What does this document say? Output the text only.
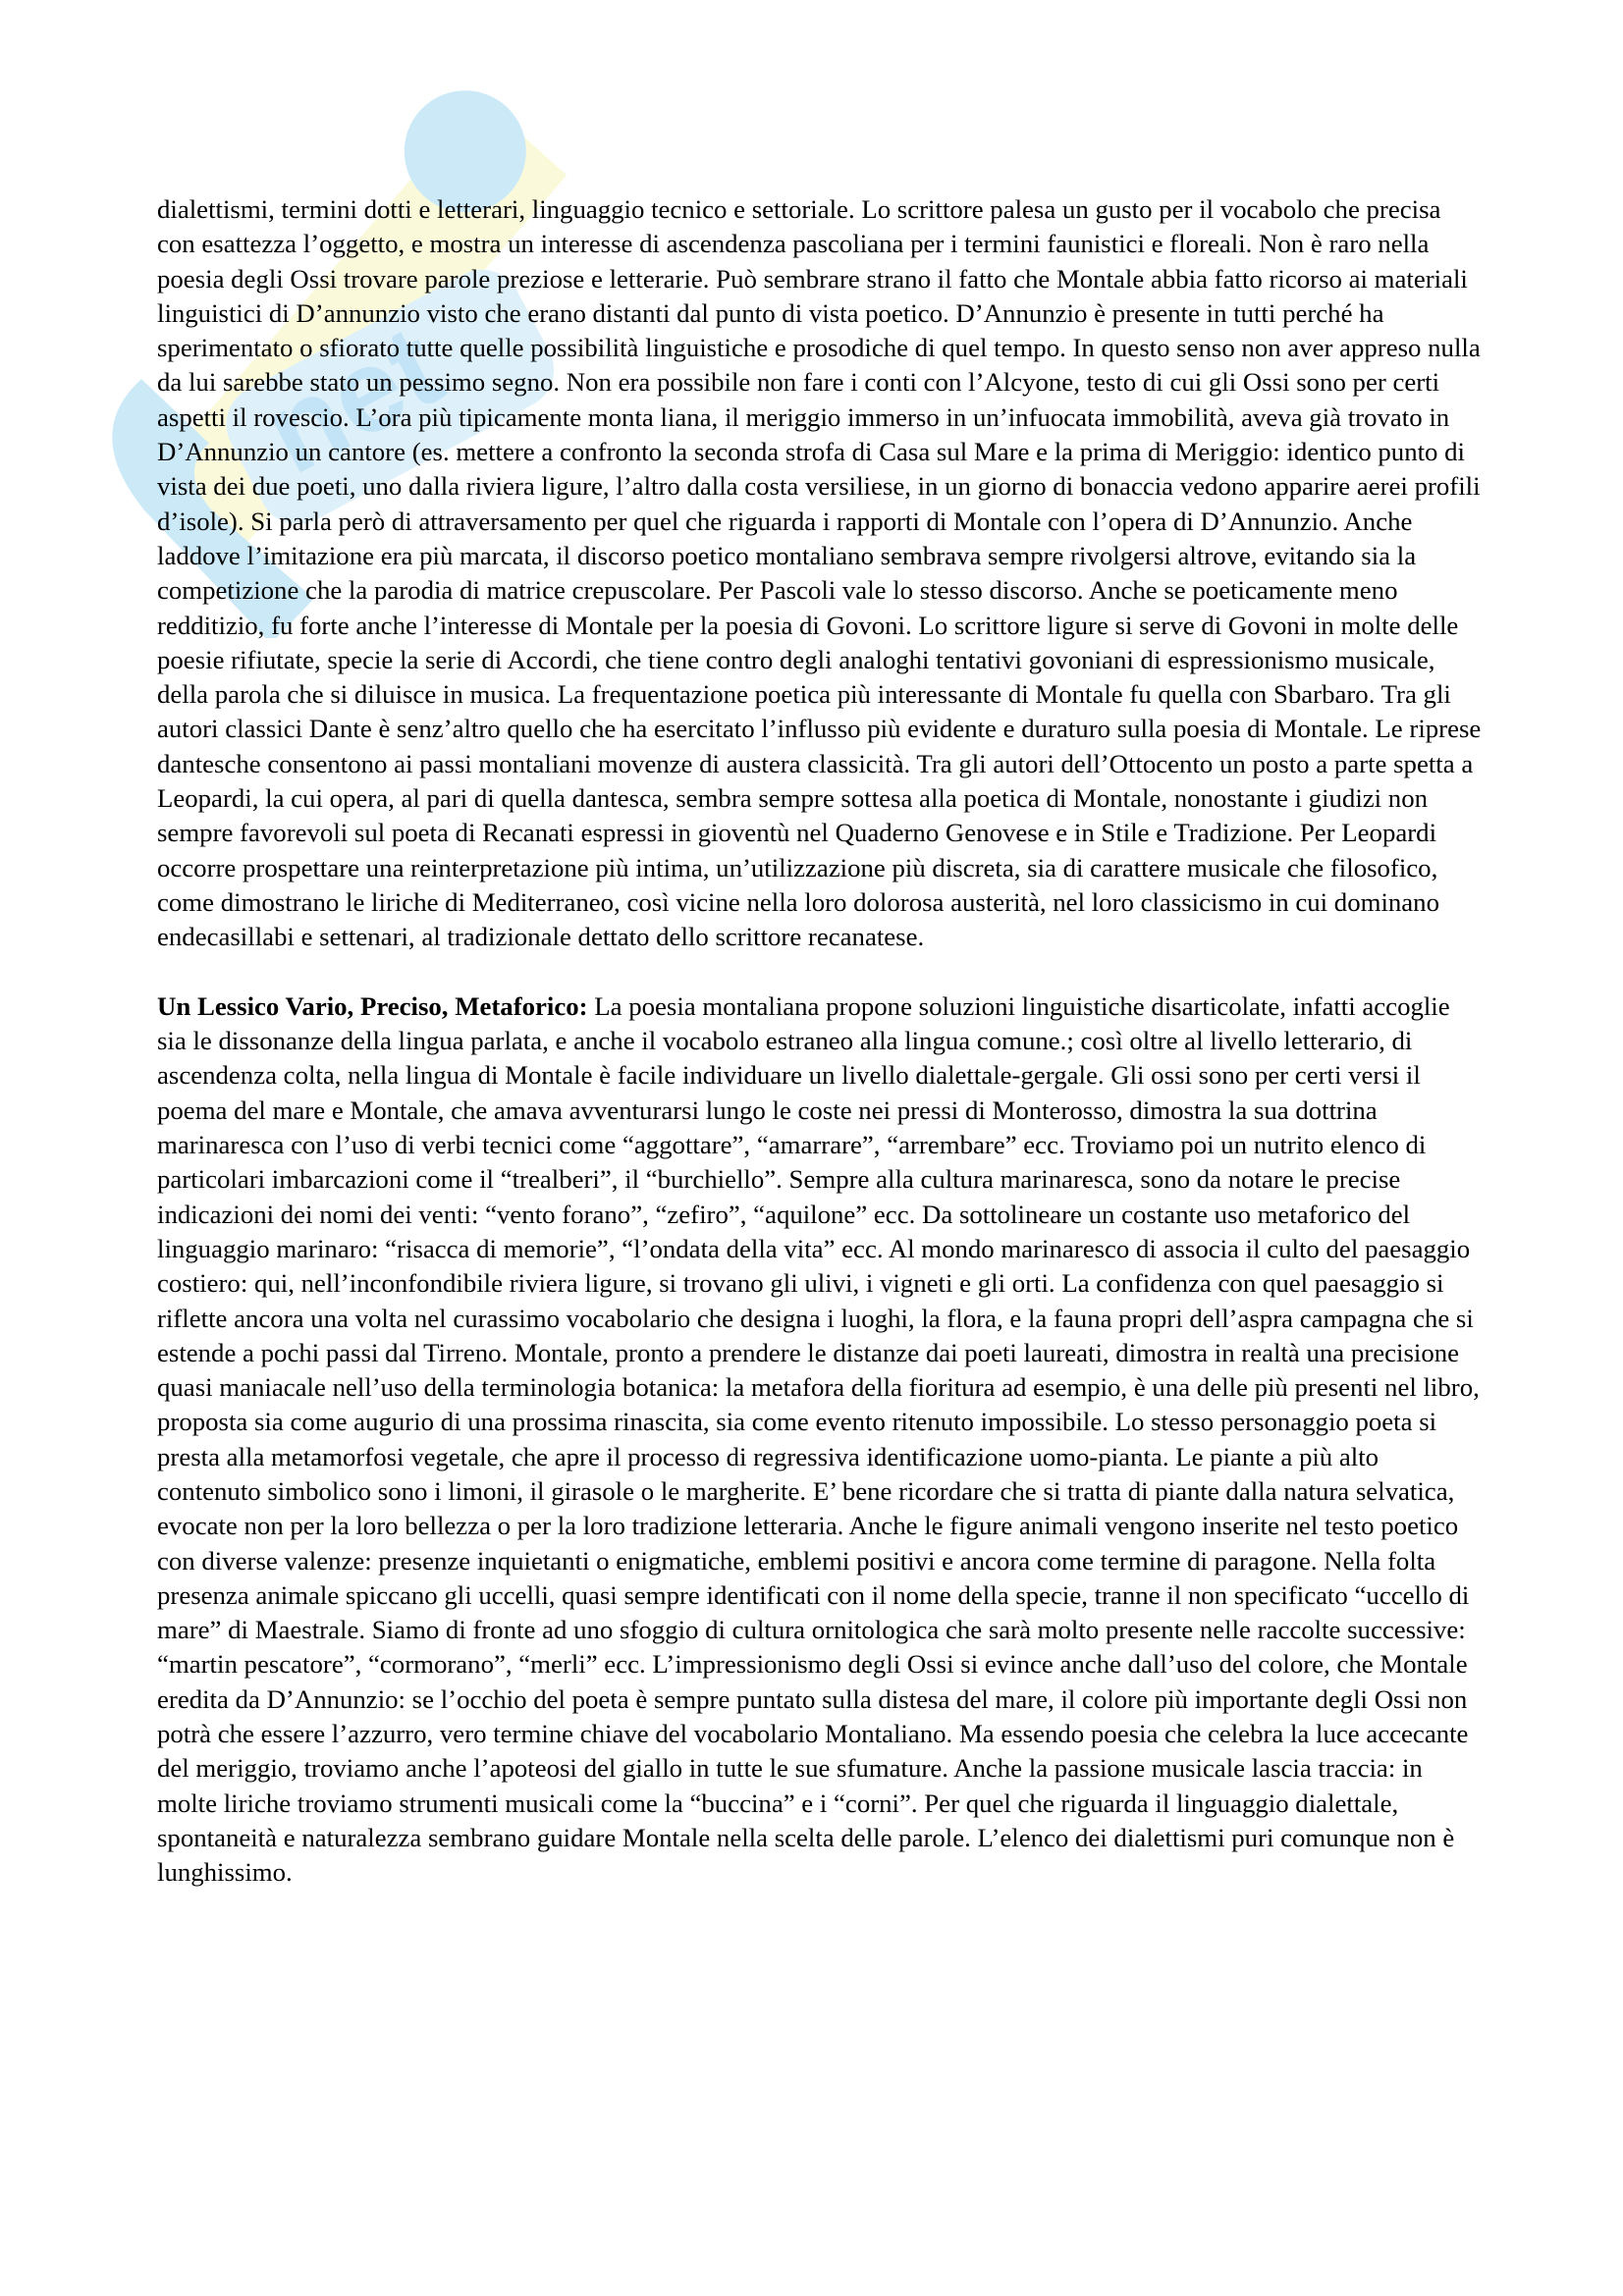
net

dialettismi, termini dotti e letterari, linguaggio tecnico e settoriale. Lo scrittore palesa un gusto per il vocabolo che precisa con esattezza l’oggetto, e mostra un interesse di ascendenza pascoliana per i termini faunistici e floreali. Non è raro nella poesia degli Ossi trovare parole preziose e letterarie. Può sembrare strano il fatto che Montale abbia fatto ricorso ai materiali linguistici di D’annunzio visto che erano distanti dal punto di vista poetico. D’Annunzio è presente in tutti perché ha sperimentato o sfiorato tutte quelle possibilità linguistiche e prosodiche di quel tempo. In questo senso non aver appreso nulla da lui sarebbe stato un pessimo segno. Non era possibile non fare i conti con l’Alcyone, testo di cui gli Ossi sono per certi aspetti il rovescio. L’ora più tipicamente monta liana, il meriggio immerso in un’infuocata immobilità, aveva già trovato in D’Annunzio un cantore (es. mettere a confronto la seconda strofa di Casa sul Mare e la prima di Meriggio: identico punto di vista dei due poeti, uno dalla riviera ligure, l’altro dalla costa versiliese, in un giorno di bonaccia vedono apparire aerei profili d’isole). Si parla però di attraversamento per quel che riguarda i rapporti di Montale con l’opera di D’Annunzio. Anche laddove l’imitazione era più marcata, il discorso poetico montaliano sembrava sempre rivolgersi altrove, evitando sia la competizione che la parodia di matrice crepuscolare. Per Pascoli vale lo stesso discorso. Anche se poeticamente meno redditizio, fu forte anche l’interesse di Montale per la poesia di Govoni. Lo scrittore ligure si serve di Govoni in molte delle poesie rifiutate, specie la serie di Accordi, che tiene contro degli analoghi tentativi govoniani di espressionismo musicale, della parola che si diluisce in musica. La frequentazione poetica più interessante di Montale fu quella con Sbarbaro. Tra gli autori classici Dante è senz’altro quello che ha esercitato l’influsso più evidente e duraturo sulla poesia di Montale. Le riprese dantesche consentono ai passi montaliani movenze di austera classicità. Tra gli autori dell’Ottocento un posto a parte spetta a Leopardi, la cui opera, al pari di quella dantesca, sembra sempre sottesa alla poetica di Montale, nonostante i giudizi non sempre favorevoli sul poeta di Recanati espressi in gioventù nel Quaderno Genovese e in Stile e Tradizione. Per Leopardi occorre prospettare una reinterpretazione più intima, un’utilizzazione più discreta, sia di carattere musicale che filosofico, come dimostrano le liriche di Mediterraneo, così vicine nella loro dolorosa austerità, nel loro classicismo in cui dominano endecasillabi e settenari, al tradizionale dettato dello scrittore recanatese.

Un Lessico Vario, Preciso, Metaforico: La poesia montaliana propone soluzioni linguistiche disarticolate, infatti accoglie sia le dissonanze della lingua parlata, e anche il vocabolo estraneo alla lingua comune.; così oltre al livello letterario, di ascendenza colta, nella lingua di Montale è facile individuare un livello dialettale-gergale. Gli ossi sono per certi versi il poema del mare e Montale, che amava avventurarsi lungo le coste nei pressi di Monterosso, dimostra la sua dottrina marinaresca con l’uso di verbi tecnici come “aggottare”, “amarrare”, “arrembare” ecc. Troviamo poi un nutrito elenco di particolari imbarcazioni come il “trealberi”, il “burchiello”. Sempre alla cultura marinaresca, sono da notare le precise indicazioni dei nomi dei venti: “vento forano”, “zefiro”, “aquilone” ecc. Da sottolineare un costante uso metaforico del linguaggio marinaro: “risacca di memorie”, “l’ondata della vita” ecc. Al mondo marinaresco di associa il culto del paesaggio costiero: qui, nell’inconfondibile riviera ligure, si trovano gli ulivi, i vigneti e gli orti. La confidenza con quel paesaggio si riflette ancora una volta nel curassimo vocabolario che designa i luoghi, la flora, e la fauna propri dell’aspra campagna che si estende a pochi passi dal Tirreno. Montale, pronto a prendere le distanze dai poeti laureati, dimostra in realtà una precisione quasi maniacale nell’uso della terminologia botanica: la metafora della fioritura ad esempio, è una delle più presenti nel libro, proposta sia come augurio di una prossima rinascita, sia come evento ritenuto impossibile. Lo stesso personaggio poeta si presta alla metamorfosi vegetale, che apre il processo di regressiva identificazione uomo-pianta. Le piante a più alto contenuto simbolico sono i limoni, il girasole o le margherite. E’ bene ricordare che si tratta di piante dalla natura selvatica, evocate non per la loro bellezza o per la loro tradizione letteraria. Anche le figure animali vengono inserite nel testo poetico con diverse valenze: presenze inquietanti o enigmatiche, emblemi positivi e ancora come termine di paragone. Nella folta presenza animale spiccano gli uccelli, quasi sempre identificati con il nome della specie, tranne il non specificato “uccello di mare” di Maestrale. Siamo di fronte ad uno sfoggio di cultura ornitologica che sarà molto presente nelle raccolte successive: “martin pescatore”, “cormorano”, “merli” ecc. L’impressionismo degli Ossi si evince anche dall’uso del colore, che Montale eredita da D’Annunzio: se l’occhio del poeta è sempre puntato sulla distesa del mare, il colore più importante degli Ossi non potrà che essere l’azzurro, vero termine chiave del vocabolario Montaliano. Ma essendo poesia che celebra la luce accecante del meriggio, troviamo anche l’apoteosi del giallo in tutte le sue sfumature. Anche la passione musicale lascia traccia: in molte liriche troviamo strumenti musicali come la “buccina” e i “corni”. Per quel che riguarda il linguaggio dialettale, spontaneità e naturalezza sembrano guidare Montale nella scelta delle parole. L’elenco dei dialettismi puri comunque non è lunghissimo.
